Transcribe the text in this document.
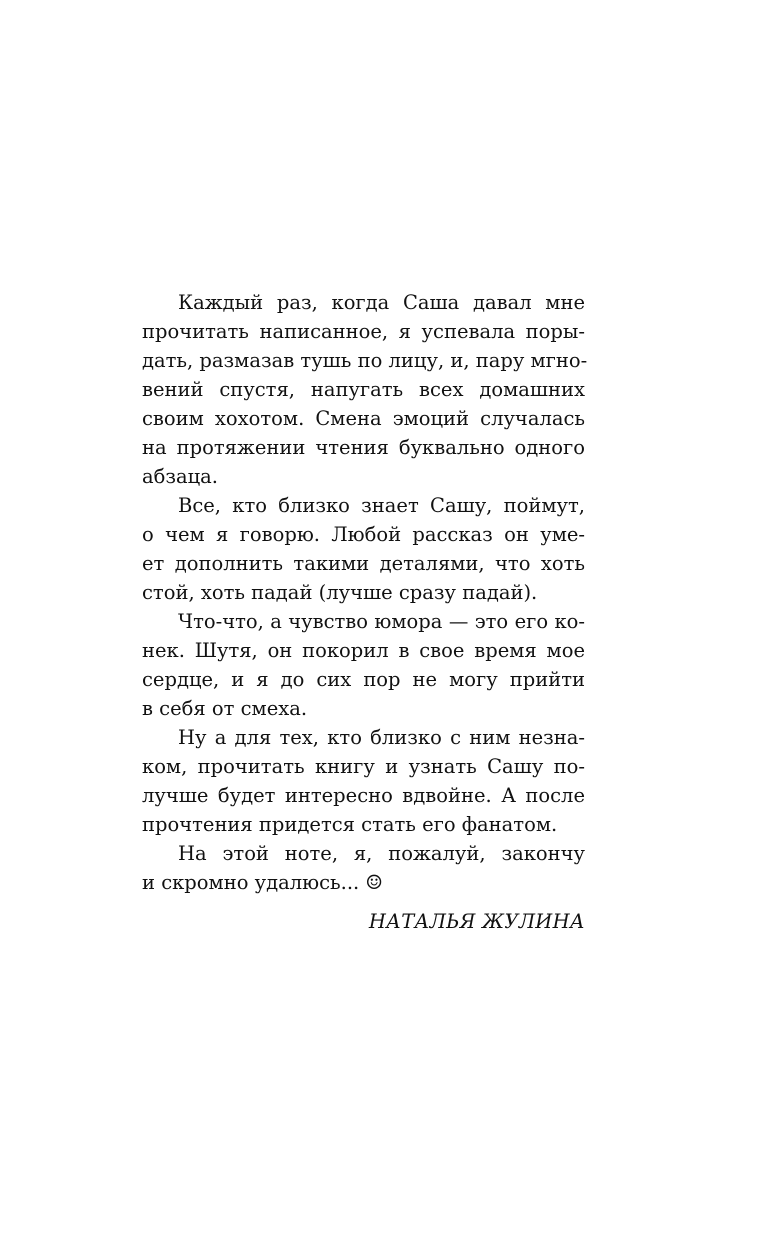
Каждый раз, когда Саша давал мне
прочитать написанное, я успевала поры-
дать, размазав тушь по лицу, и, пару мгно-
вений спустя, напугать всех домашних
своим хохотом. Смена эмоций случалась
на протяжении чтения буквально одного
абзаца.
Все, кто близко знает Сашу, поймут,
о чем я говорю. Любой рассказ он уме-
ет дополнить такими деталями, что хоть
стой, хоть падай (лучше сразу падай).
Что-что, а чувство юмора — это его ко-
нек. Шутя, он покорил в свое время мое
сердце, и я до сих пор не могу прийти
в себя от смеха.
Ну а для тех, кто близко с ним незна-
ком, прочитать книгу и узнать Сашу по-
лучше будет интересно вдвойне. А после
прочтения придется стать его фанатом.
На этой ноте, я, пожалуй, закончу
и скромно удалюсь... ☺
НАТАЛЬЯ ЖУЛИНА
